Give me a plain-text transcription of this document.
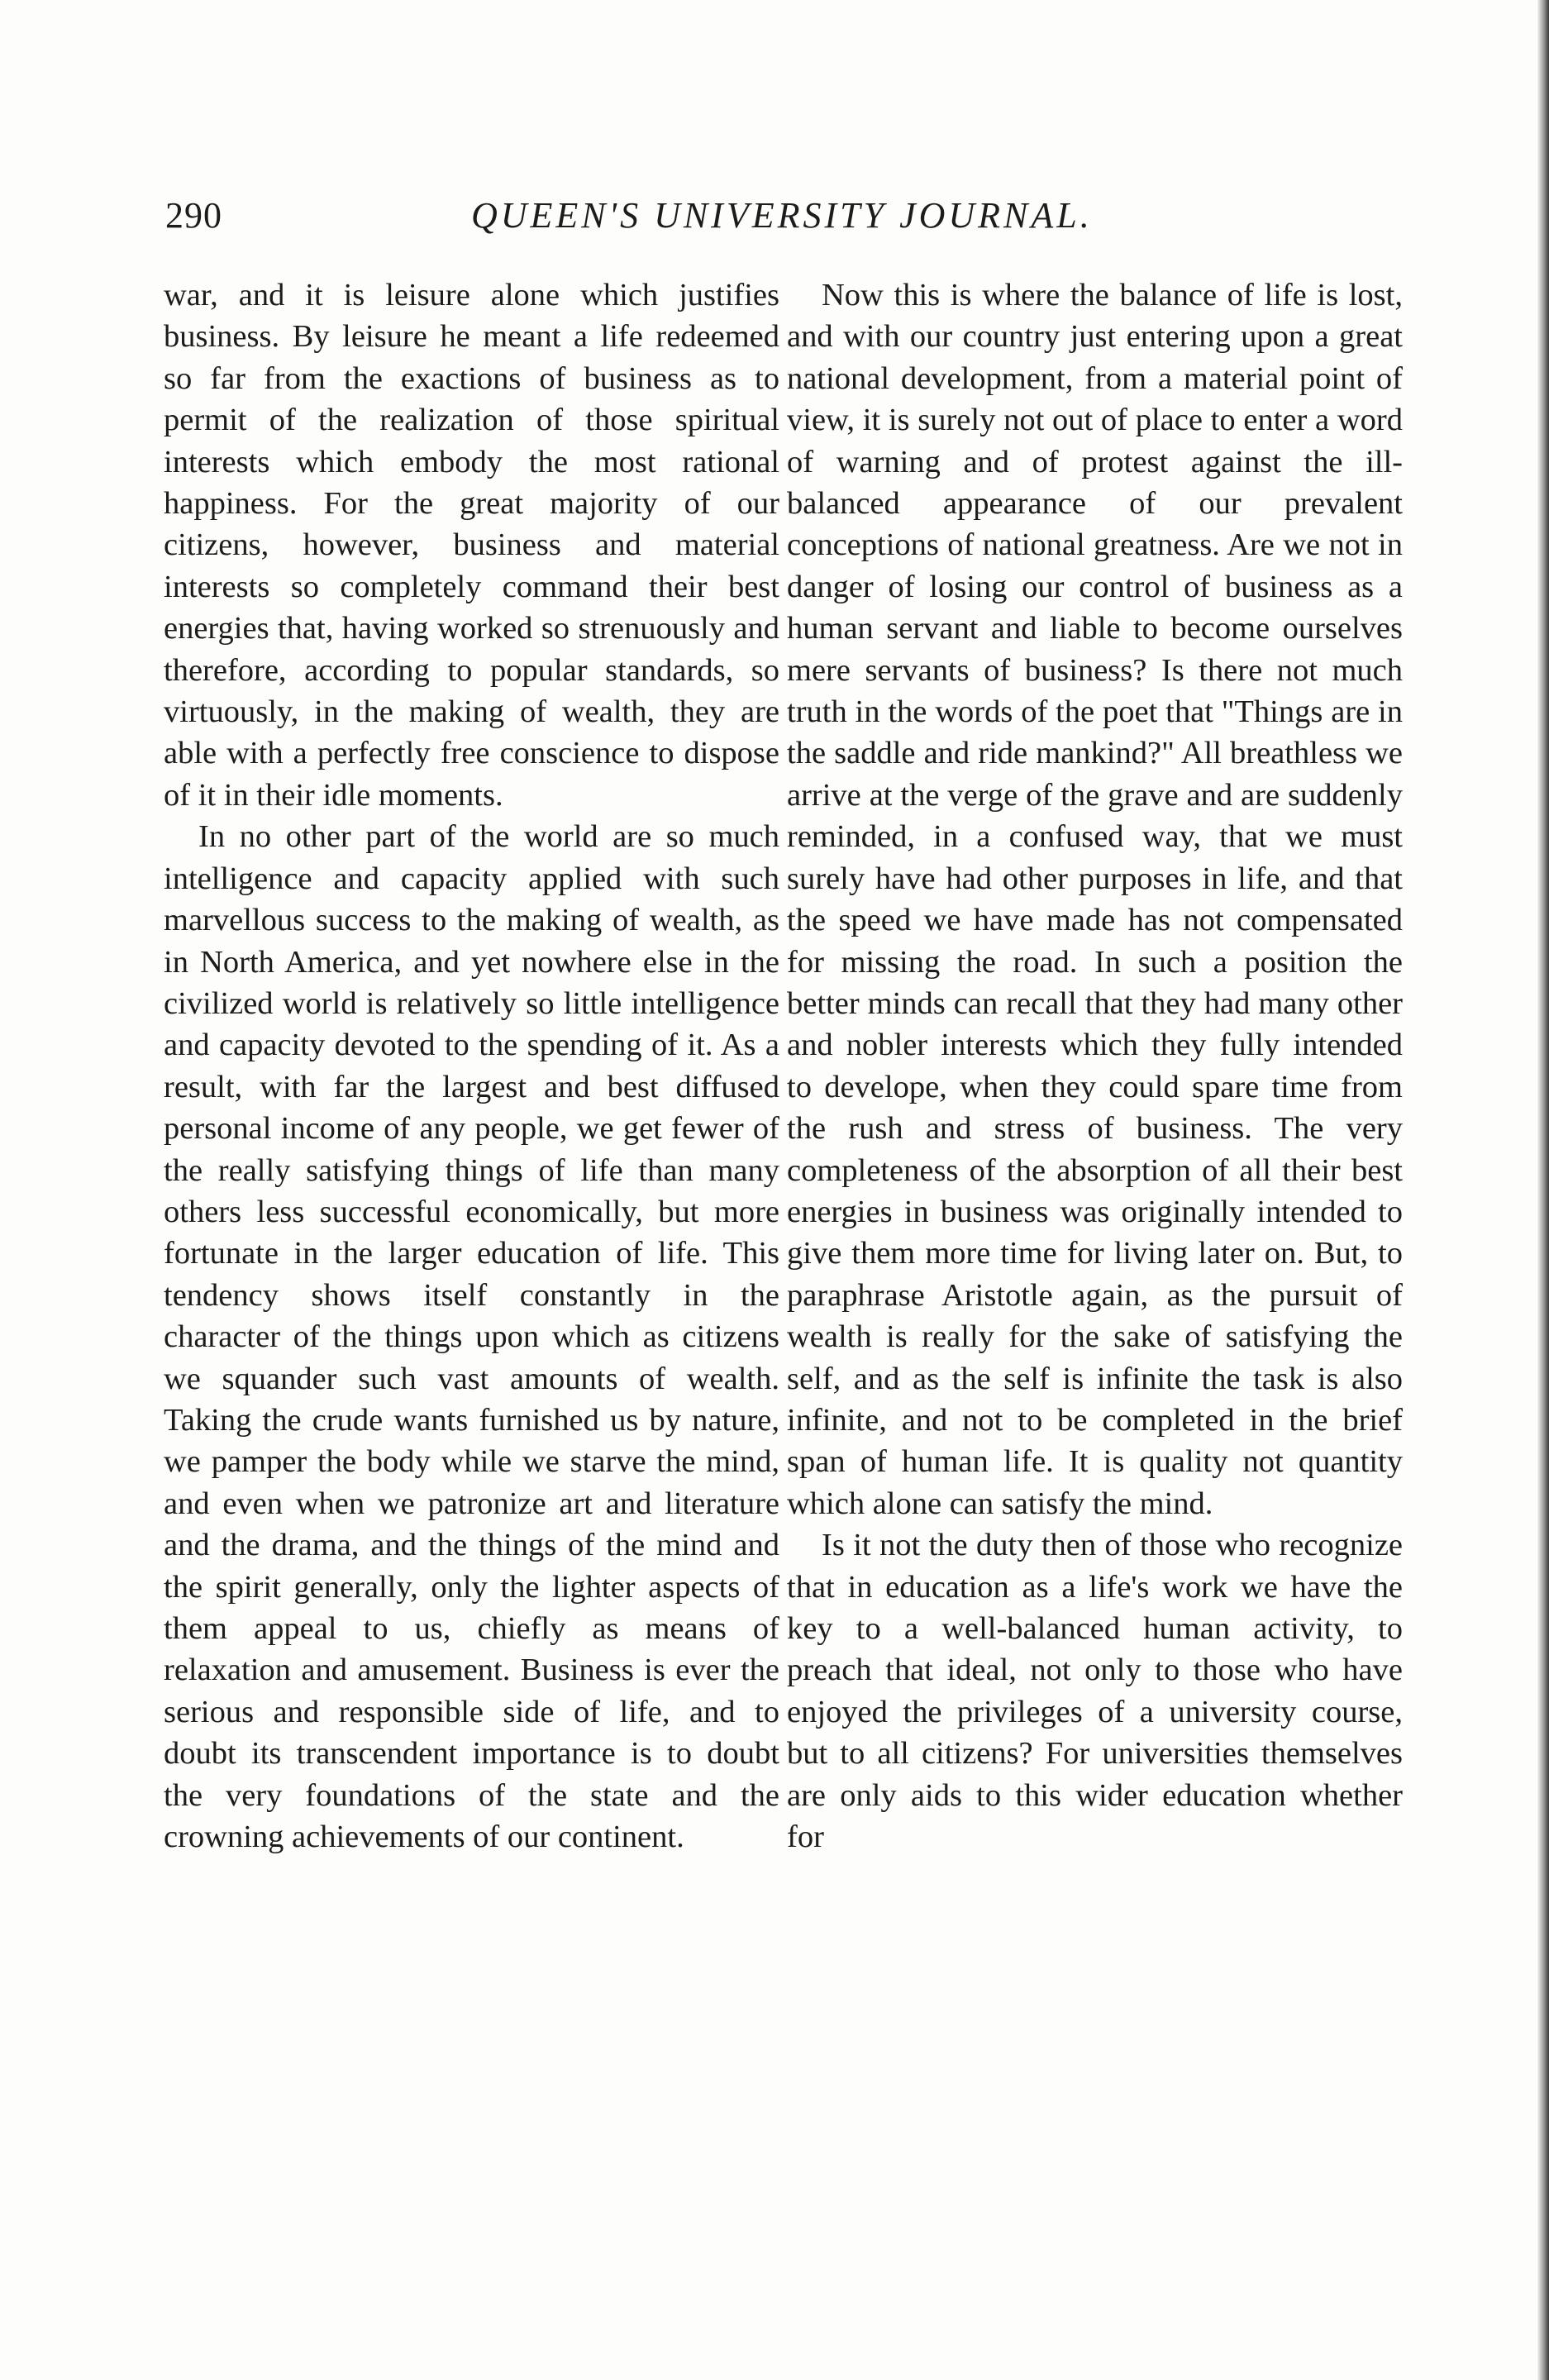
290	QUEEN'S UNIVERSITY JOURNAL.

war, and it is leisure alone which justifies business. By leisure he meant a life redeemed so far from the exactions of business as to permit of the realization of those spiritual interests which embody the most rational happiness. For the great majority of our citizens, however, business and material interests so completely command their best energies that, having worked so strenuously and therefore, according to popular standards, so virtuously, in the making of wealth, they are able with a perfectly free conscience to dispose of it in their idle moments.

In no other part of the world are so much intelligence and capacity applied with such marvellous success to the making of wealth, as in North America, and yet nowhere else in the civilized world is relatively so little intelligence and capacity devoted to the spending of it. As a result, with far the largest and best diffused personal income of any people, we get fewer of the really satisfying things of life than many others less successful economically, but more fortunate in the larger education of life. This tendency shows itself constantly in the character of the things upon which as citizens we squander such vast amounts of wealth. Taking the crude wants furnished us by nature, we pamper the body while we starve the mind, and even when we patronize art and literature and the drama, and the things of the mind and the spirit generally, only the lighter aspects of them appeal to us, chiefly as means of relaxation and amusement. Business is ever the serious and responsible side of life, and to doubt its transcendent importance is to doubt the very foundations of the state and the crowning achievements of our continent.

Now this is where the balance of life is lost, and with our country just entering upon a great national development, from a material point of view, it is surely not out of place to enter a word of warning and of protest against the ill-balanced appearance of our prevalent conceptions of national greatness. Are we not in danger of losing our control of business as a human servant and liable to become ourselves mere servants of business? Is there not much truth in the words of the poet that "Things are in the saddle and ride mankind?" All breathless we arrive at the verge of the grave and are suddenly reminded, in a confused way, that we must surely have had other purposes in life, and that the speed we have made has not compensated for missing the road. In such a position the better minds can recall that they had many other and nobler interests which they fully intended to develope, when they could spare time from the rush and stress of business. The very completeness of the absorption of all their best energies in business was originally intended to give them more time for living later on. But, to paraphrase Aristotle again, as the pursuit of wealth is really for the sake of satisfying the self, and as the self is infinite the task is also infinite, and not to be completed in the brief span of human life. It is quality not quantity which alone can satisfy the mind.

Is it not the duty then of those who recognize that in education as a life's work we have the key to a well-balanced human activity, to preach that ideal, not only to those who have enjoyed the privileges of a university course, but to all citizens? For universities themselves are only aids to this wider education whether for
